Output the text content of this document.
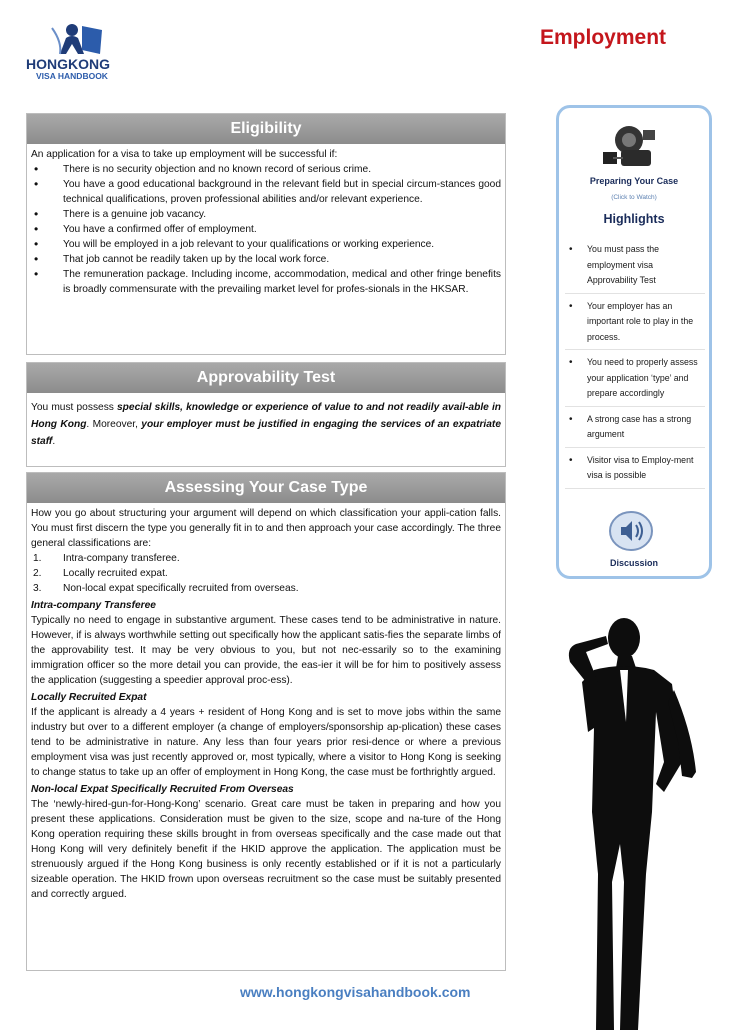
HONGKONG
VISA HANDBOOK
Employment
Eligibility

An application for a visa to take up employment will be successful if:

• There is no security objection and no known record of serious crime.
• You have a good educational background in the relevant field but in special circum-stances good technical qualifications, proven professional abilities and/or relevant experience.
• There is a genuine job vacancy.
• You have a confirmed offer of employment.
• You will be employed in a job relevant to your qualifications or working experience.
• That job cannot be readily taken up by the local work force.
• The remuneration package. Including income, accommodation, medical and other fringe benefits is broadly commensurate with the prevailing market level for profes-sionals in the HKSAR.
Approvability Test

You must possess special skills, knowledge or experience of value to and not readily avail-able in Hong Kong. Moreover, your employer must be justified in engaging the services of an expatriate staff.

Assessing Your Case Type

How you go about structuring your argument will depend on which classification your appli-cation falls. You must first discern the type you generally fit in to and then approach your case accordingly. The three general classifications are:

1. Intra-company transferee.
2. Locally recruited expat.
3. Non-local expat specifically recruited from overseas.

Intra-company Transferee

Typically no need to engage in substantive argument. These cases tend to be administrative in nature. However, if is always worthwhile setting out specifically how the applicant satis-fies the separate limbs of the approvability test. It may be very obvious to you, but not nec-essarily so to the examining immigration officer so the more detail you can provide, the eas-ier it will be for him to positively assess the application (suggesting a speedier approval proc-ess).

Locally Recruited Expat

If the applicant is already a 4 years + resident of Hong Kong and is set to move jobs within the same industry but over to a different employer (a change of employers/sponsorship ap-plication) these cases tend to be administrative in nature. Any less than four years prior resi-dence or where a previous employment visa was just recently approved or, most typically, where a visitor to Hong Kong is seeking to change status to take up an offer of employment in Hong Kong, the case must be forthrightly argued.

Non-local Expat Specifically Recruited From Overseas

The ‘newly-hired-gun-for-Hong-Kong’ scenario. Great care must be taken in preparing and how you present these applications. Consideration must be given to the size, scope and na-ture of the Hong Kong operation requiring these skills brought in from overseas specifically and the case made out that Hong Kong will very definitely benefit if the HKID approve the application. The application must be strenuously argued if the Hong Kong business is only recently established or if it is not a particularly sizeable operation. The HKID frown upon overseas recruitment so the case must be suitably presented and correctly argued.

www.hongkongvisahandbook.com
Preparing Your Case
(Click to Watch)
Highlights
• You must pass the employment visa Approvability Test
• Your employer has an important role to play in the process.
• You need to properly assess your application ‘type’ and prepare accordingly
• A strong case has a strong argument
• Visitor visa to Employ-ment visa is possible
Discussion
